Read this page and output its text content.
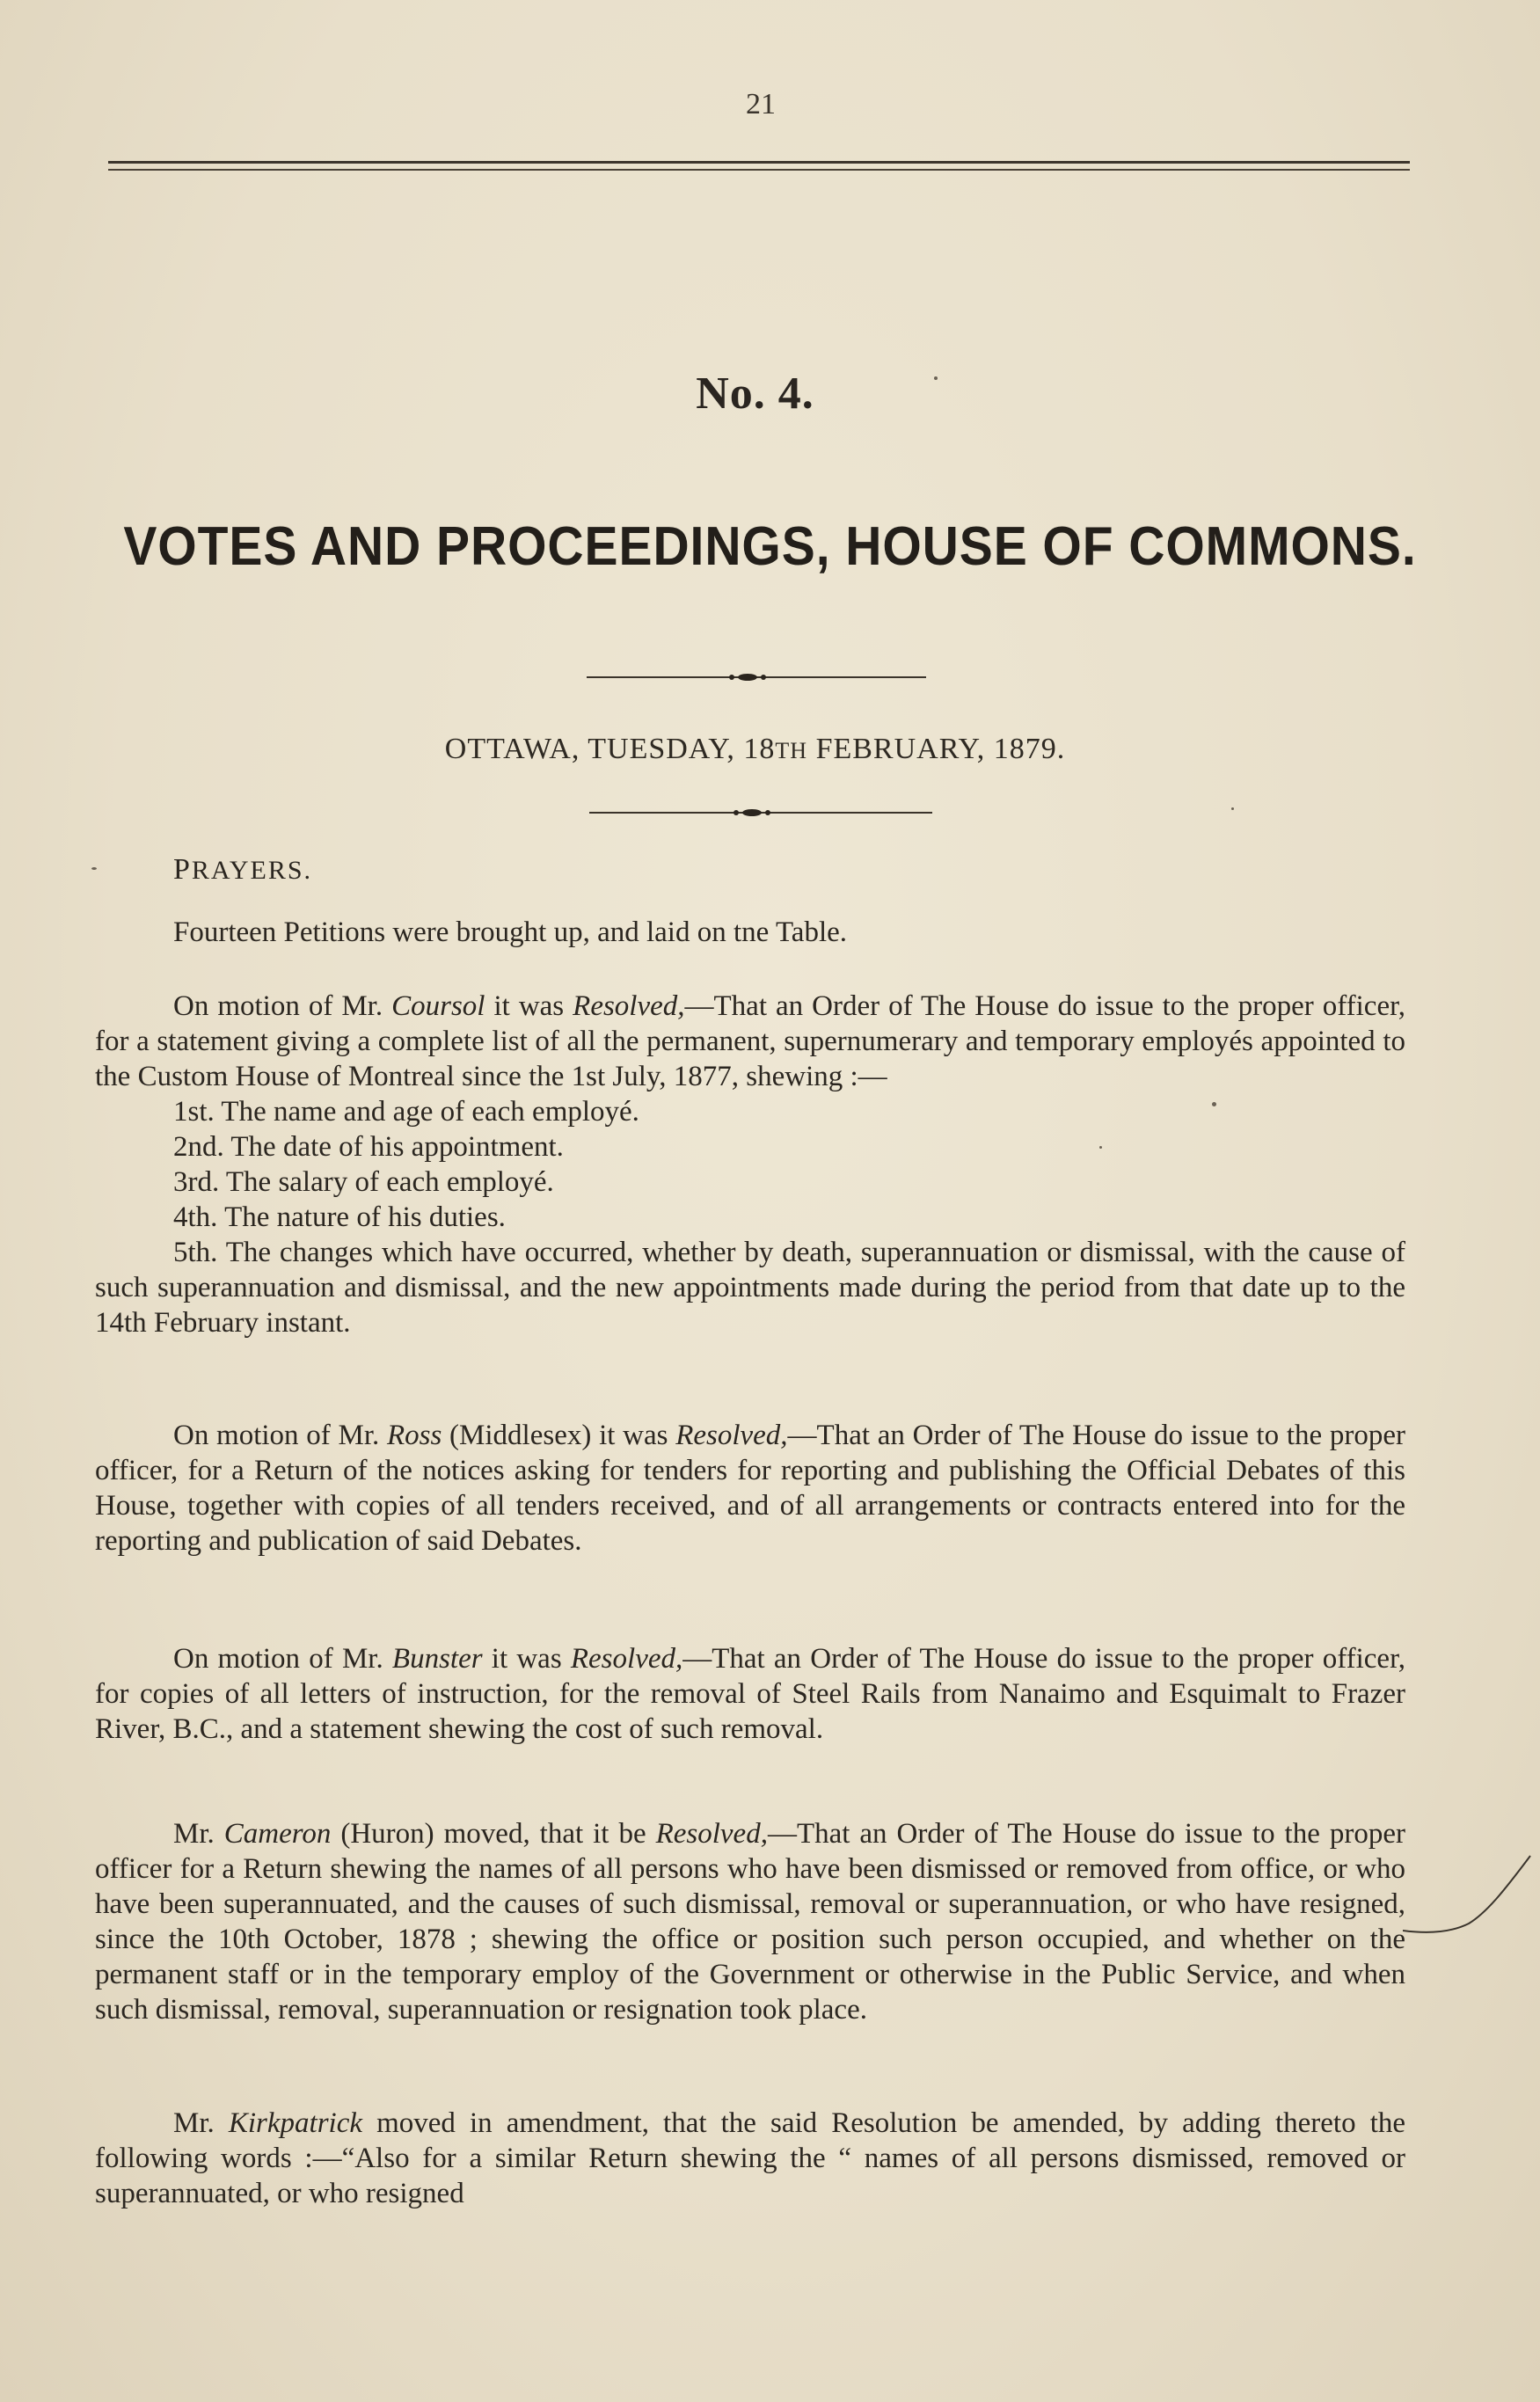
21
No. 4.
VOTES AND PROCEEDINGS, HOUSE OF COMMONS.
OTTAWA, TUESDAY, 18TH FEBRUARY, 1879.
PRAYERS.

Fourteen Petitions were brought up, and laid on tne Table.

On motion of Mr. Coursol it was Resolved,—That an Order of The House do issue to the proper officer, for a statement giving a complete list of all the permanent, supernumerary and temporary employés appointed to the Custom House of Montreal since the 1st July, 1877, shewing :—

1st. The name and age of each employé.

2nd. The date of his appointment.

3rd. The salary of each employé.

4th. The nature of his duties.

5th. The changes which have occurred, whether by death, superannuation or dismissal, with the cause of such superannuation and dismissal, and the new appointments made during the period from that date up to the 14th February instant.

On motion of Mr. Ross (Middlesex) it was Resolved,—That an Order of The House do issue to the proper officer, for a Return of the notices asking for tenders for reporting and publishing the Official Debates of this House, together with copies of all tenders received, and of all arrangements or contracts entered into for the reporting and publication of said Debates.

On motion of Mr. Bunster it was Resolved,—That an Order of The House do issue to the proper officer, for copies of all letters of instruction, for the removal of Steel Rails from Nanaimo and Esquimalt to Frazer River, B.C., and a statement shewing the cost of such removal.

Mr. Cameron (Huron) moved, that it be Resolved,—That an Order of The House do issue to the proper officer for a Return shewing the names of all persons who have been dismissed or removed from office, or who have been superannuated, and the causes of such dismissal, removal or superannuation, or who have resigned, since the 10th October, 1878 ; shewing the office or position such person occupied, and whether on the permanent staff or in the temporary employ of the Government or otherwise in the Public Service, and when such dismissal, removal, superannuation or resignation took place.

Mr. Kirkpatrick moved in amendment, that the said Resolution be amended, by adding thereto the following words :—“Also for a similar Return shewing the “ names of all persons dismissed, removed or superannuated, or who resigned
